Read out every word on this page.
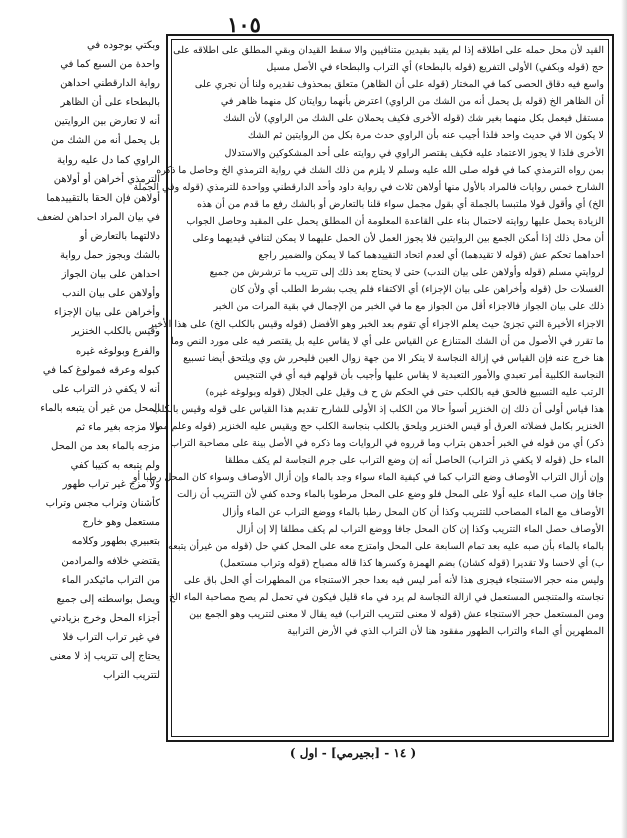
١٠٥
وبكتي بوجوده في
واحدة من السبع كما في
رواية الدارقطني احداهن
بالبطحاء على أن الظاهر
أنه لا تعارض بين الروايتين
بل يحمل أنه من الشك من
الراوي كما دل عليه رواية
الترمذي أخراهن أو أولاهن
أولاهن فإن الحقا بالتقييدهما
في بيان المراد احداهن لضعف
دلالتهما بالتعارض أو
بالشك وبجوز حمل رواية
احداهن على بيان الجواز
وأولاهن على بيان الندب
وأخراهن على بيان الإجزاء
وقيس بالكلب الخنزير
والفرع وبولوغه غيره
كبوله وعرقه فمولوغ كما في
أنه لا يكفي ذر التراب على
المحل من غير أن يتبعه بالماء
ولا مزجه بغير ماء ثم
مزجه بالماء بعد من المحل
ولم يتبعه به كتيبا كفي
ولا مزج غير تراب طهور
كأشنان وتراب مجس وتراب
مستعمل وهو خارج
بتعبيري بطهور وكلامه
يقتضي خلافه والمرادمن
من التراب مائيكدر الماء
ويصل بواسطته إلى جميع
أجزاء المحل وخرج بزيادتي
في غير تراب التراب فلا
يحتاج إلى تتريب إذ لا معنى
لتتريب التراب
القيد لأن محل حمله على اطلاقه إذا لم يقيد بقيدين متنافيين والا سقط القيدان وبقي المطلق على اطلاقه على
حج (قوله وبكفي) الأولى التفريع (قوله بالبطحاء) أي التراب والبطحاء في الأصل مسيل
واسع فيه دقاق الحصى كما في المختار (قوله على أن الظاهر) متعلق بمحذوف تقديره ولنا أن نجري على
أن الظاهر الخ (قوله بل يحمل أنه من الشك من الراوي) اعترض بأنهما روايتان كل منهما ظاهر في
مستقل فيعمل بكل منهما بغير شك (قوله الأخرى فكيف يحملان على الشك من الراوي) لأن الشك
لا يكون الا في حديث واحد فلذا أجيب عنه بأن الراوي حدث مرة بكل من الروايتين ثم الشك
الأخرى فلذا لا يجوز الاعتماد عليه فكيف يقتصر الراوي في روايته على أحد المشكوكين والاستدلال
بمن رواه الترمذي كما في قوله صلى الله عليه وسلم لا يلزم من ذلك الشك في رواية الترمذي الخ وحاصل ما ذكره
الشارح خمس روايات فالمراد بالأول منها أولاهن ثلاث في رواية داود وأحد الدارقطني وواحدة للترمذي (قوله وفي الجملة
الخ) أي وأقول قولا ملتبسا بالجملة أي بقول مجمل سواء قلنا بالتعارض أو بالشك رفع ما قدم من أن هذه
الزيادة يحمل عليها روايته لاحتمال بناء على القاعدة المعلومة أن المطلق يحمل على المقيد وحاصل الجواب
أن محل ذلك إذا أمكن الجمع بين الروايتين فلا يجوز العمل لأن الحمل عليهما لا يمكن لتنافي قيديهما وعلى
احداهما تحكم عش (قوله لا تقيدهما) أي لعدم اتحاد التقييدهما كما لا يمكن والضمير راجع
لروايتي مسلم (قوله وأولاهن على بيان الندب) حتى لا يحتاج بعد ذلك إلى تتريب ما ترشرش من جميع
الغسلات حل (قوله وأخراهن على بيان الإجزاء) أي الاكتفاء فلم يجب بشرط الطلب أي ولأن كان
ذلك على بيان الجواز فالاجزاء أقل من الجواز مع ما في الخبر من الإجمال في بقية المرات من الخبر
الاجزاء الأخيرة التي تجزئ حيث يعلم الاجزاء أي تقوم بعد الخبر وهو الأفضل (قوله وقيس بالكلب الخ) على هذا الأخير
ما تقرر في الأصول من أن الشك المتنازع عن القياس على أي لا يقاس عليه بل يقتصر فيه على مورد النص وما
هنا خرج عنه فإن القياس في إزالة النجاسة لا ينكر الا من جهة زوال العين فليحرر ش وي ويلتحق أيضا تسبيع
النجاسة الكلبية أمر تعبدي والأمور التعبدية لا يقاس عليها وأجيب بأن قولهم فيه أي في التنجيس
الرتب عليه التسبيع فالحق فيه بالكلب حتى في الحكم ش ح ف وقيل على الجلال (قوله وبولوغه غيره)
هذا قياس أولى أن ذلك إن الخنزير أسوأ حالا من الكلب إذ الأولى للشارح تقديم هذا القياس على قوله وقيس بالكلب
الخنزير بكامل فضلاته العرق أو قيس الخنزير ويلحق بالكلب بنجاسة الكلب حج ويقيس عليه الخنزير (قوله وعلم مما
ذكر) أي من قوله في الخبر أحدهن بتراب وما قرروه في الروايات وما ذكره في الأصل بينة على مصاحبة التراب
الماء حل (قوله لا يكفي ذر التراب) الحاصل أنه إن وضع التراب على جرم النجاسة لم يكف مطلقا
وإن أزال التراب الأوصاف وضع التراب كما في كيفية الماء سواء وجد بالماء وإن أزال الأوصاف وسواء كان المحل رطبا أو
جافا وإن صب الماء عليه أولا على المحل فلو وضع على المحل مرطوبا بالماء وحده كفي لأن التتريب أن زالت
الأوصاف مع الماء المصاحب للتتريب وكذا أن كان المحل رطبا بالماء ووضع التراب عن الماء وأزال
الأوصاف حصل الماء التتريب وكذا إن كان المحل جافا ووضع التراب لم يكف مطلقا إلا إن أزال
بالماء بالماء بأن صبه عليه بعد تمام السابعة على المحل وامتزج معه على المحل كفي حل (قوله من غيرأن يتبعه
ب) أي لاحسا ولا تقديرا (قوله كشان) بضم الهمزة وكسرها كذا قاله مصباح (قوله وتراب مستعمل)
وليس منه حجر الاستنجاء فيجزى هذا لأنه أمر ليس فيه بعدا حجر الاستنجاء من المطهرات أي الحل باق على
نجاسته والمتنجس المستعمل في ازالة النجاسة لم يرد في ماء قليل فيكون في تحمل لم يصح مصاحبة الماء الخ
ومن المستعمل حجر الاستنجاء عش (قوله لا معنى لتتريب التراب) فيه يقال لا معنى لتتريب وهو الجمع بين
المطهرين أي الماء والتراب الطهور مفقود هنا لأن التراب الذي في الأرض الترابية
( ١٤ - [بجيرمي] - اول )
